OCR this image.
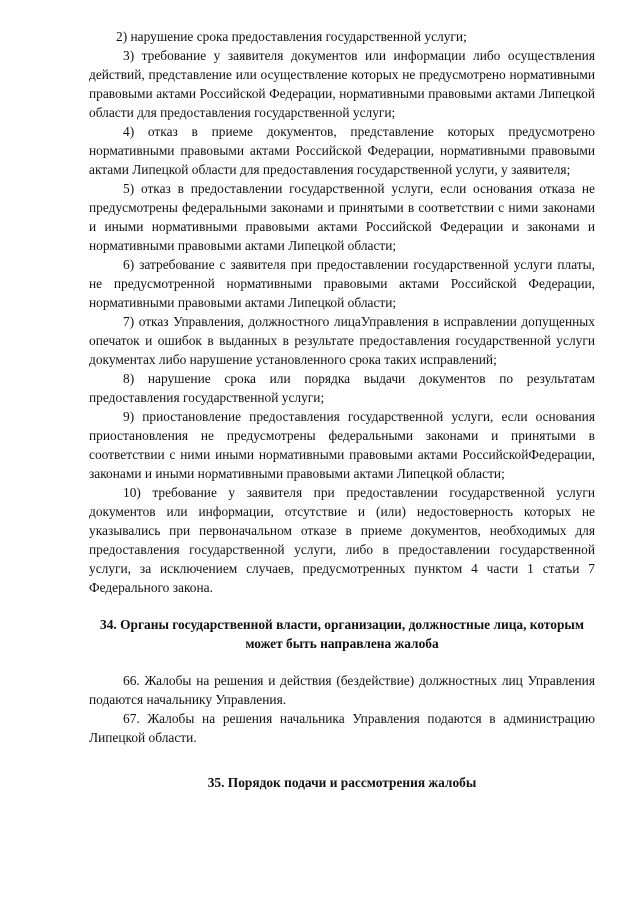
2) нарушение срока предоставления государственной услуги;

3) требование у заявителя документов или информации либо осуществления действий, представление или осуществление которых не предусмотрено нормативными правовыми актами Российской Федерации, нормативными правовыми актами Липецкой области для предоставления государственной услуги;

4) отказ в приеме документов, представление которых предусмотрено нормативными правовыми актами Российской Федерации, нормативными правовыми актами Липецкой области для предоставления государственной услуги, у заявителя;

5) отказ в предоставлении государственной услуги, если основания отказа не предусмотрены федеральными законами и принятыми в соответствии с ними законами и иными нормативными правовыми актами Российской Федерации и законами и нормативными правовыми актами Липецкой области;

6) затребование с заявителя при предоставлении государственной услуги платы, не предусмотренной нормативными правовыми актами Российской Федерации, нормативными правовыми актами Липецкой области;

7) отказ Управления, должностного лицаУправления в исправлении допущенных опечаток и ошибок в выданных в результате предоставления государственной услуги документах либо нарушение установленного срока таких исправлений;

8) нарушение срока или порядка выдачи документов по результатам предоставления государственной услуги;

9) приостановление предоставления государственной услуги, если основания приостановления не предусмотрены федеральными законами и принятыми в соответствии с ними иными нормативными правовыми актами РоссийскойФедерации, законами и иными нормативными правовыми актами Липецкой области;

10) требование у заявителя при предоставлении государственной услуги документов или информации, отсутствие и (или) недостоверность которых не указывались при первоначальном отказе в приеме документов, необходимых для предоставления государственной услуги, либо в предоставлении государственной услуги, за исключением случаев, предусмотренных пунктом 4 части 1 статьи 7 Федерального закона.

34. Органы государственной власти, организации, должностные лица, которым может быть направлена жалоба

66. Жалобы на решения и действия (бездействие) должностных лиц Управления подаются начальнику Управления.

67. Жалобы на решения начальника Управления подаются в администрацию Липецкой области.

35. Порядок подачи и рассмотрения жалобы
